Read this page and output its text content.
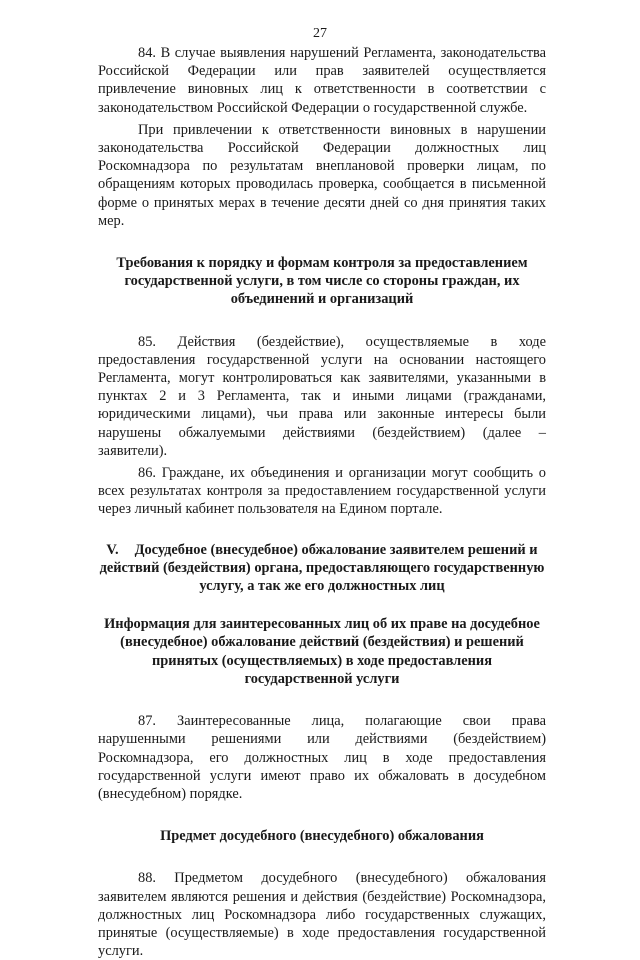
27

84. В случае выявления нарушений Регламента, законодательства Российской Федерации или прав заявителей осуществляется привлечение виновных лиц к ответственности в соответствии с законодательством Российской Федерации о государственной службе.

При привлечении к ответственности виновных в нарушении законодательства Российской Федерации должностных лиц Роскомнадзора по результатам внеплановой проверки лицам, по обращениям которых проводилась проверка, сообщается в письменной форме о принятых мерах в течение десяти дней со дня принятия таких мер.

Требования к порядку и формам контроля за предоставлением государственной услуги, в том числе со стороны граждан, их объединений и организаций

85. Действия (бездействие), осуществляемые в ходе предоставления государственной услуги на основании настоящего Регламента, могут контролироваться как заявителями, указанными в пунктах 2 и 3 Регламента, так и иными лицами (гражданами, юридическими лицами), чьи права или законные интересы были нарушены обжалуемыми действиями (бездействием) (далее – заявители).

86. Граждане, их объединения и организации могут сообщить о всех результатах контроля за предоставлением государственной услуги через личный кабинет пользователя на Едином портале.

V. Досудебное (внесудебное) обжалование заявителем решений и действий (бездействия) органа, предоставляющего государственную услугу, а так же его должностных лиц

Информация для заинтересованных лиц об их праве на досудебное (внесудебное) обжалование действий (бездействия) и решений принятых (осуществляемых) в ходе предоставления государственной услуги

87. Заинтересованные лица, полагающие свои права нарушенными решениями или действиями (бездействием) Роскомнадзора, его должностных лиц в ходе предоставления государственной услуги имеют право их обжаловать в досудебном (внесудебном) порядке.

Предмет досудебного (внесудебного) обжалования

88. Предметом досудебного (внесудебного) обжалования заявителем являются решения и действия (бездействие) Роскомнадзора, должностных лиц Роскомнадзора либо государственных служащих, принятые (осуществляемые) в ходе предоставления государственной услуги.
